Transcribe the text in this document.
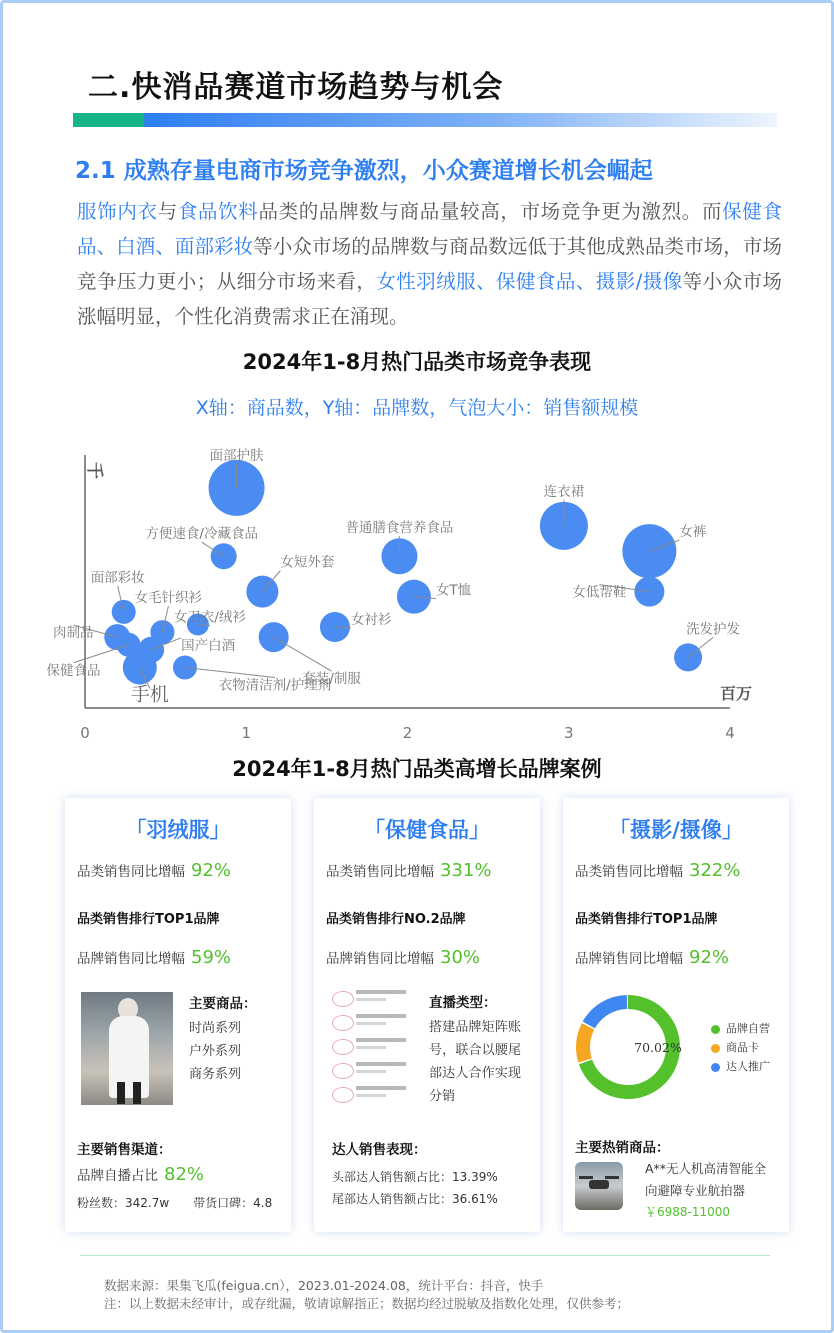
二.快消品赛道市场趋势与机会
2.1 成熟存量电商市场竞争激烈，小众赛道增长机会崛起
服饰内衣与食品饮料品类的品牌数与商品量较高，市场竞争更为激烈。而保健食品、白酒、面部彩妆等小众市场的品牌数与商品数远低于其他成熟品类市场，市场竞争压力更小；从细分市场来看，女性羽绒服、保健食品、摄影/摄像等小众市场涨幅明显，个性化消费需求正在涌现。
2024年1-8月热门品类市场竞争表现
X轴：商品数，Y轴：品牌数，气泡大小：销售额规模
0	1	2	3	4
千
百万
面部护肤
连衣裙
女裤
普通膳食营养食品
方便速食/冷藏食品
女短外套
女T恤	女低帮鞋
面部彩妆
女毛针织衫
女卫衣/绒衫	女衬衫
套装/制服
肉制品
国产白酒
保健食品
手机	衣物清洁剂/护理剂
洗发护发
2024年1-8月热门品类高增长品牌案例
「羽绒服」
品类销售同比增幅 92%
品类销售排行TOP1品牌
品牌销售同比增幅 59%
主要商品：
时尚系列
户外系列
商务系列
主要销售渠道：
品牌自播占比 82%
粉丝数：342.7w　　带货口碑：4.8
「保健食品」
品类销售同比增幅 331%
品类销售排行NO.2品牌
品牌销售同比增幅 30%
直播类型：
搭建品牌矩阵账号，联合以腰尾部达人合作实现分销
达人销售表现：
头部达人销售额占比：13.39%
尾部达人销售额占比：36.61%
「摄影/摄像」
品类销售同比增幅 322%
品类销售排行TOP1品牌
品牌销售同比增幅 92%
70.02%
品牌自营
商品卡
达人推广
主要热销商品：
A**无人机高清智能全
向避障专业航拍器
￥6988-11000
数据来源：果集飞瓜(feigua.cn），2023.01-2024.08，统计平台：抖音，快手
注：以上数据未经审计，或存纰漏，敬请谅解指正；数据均经过脱敏及指数化处理，仅供参考；
